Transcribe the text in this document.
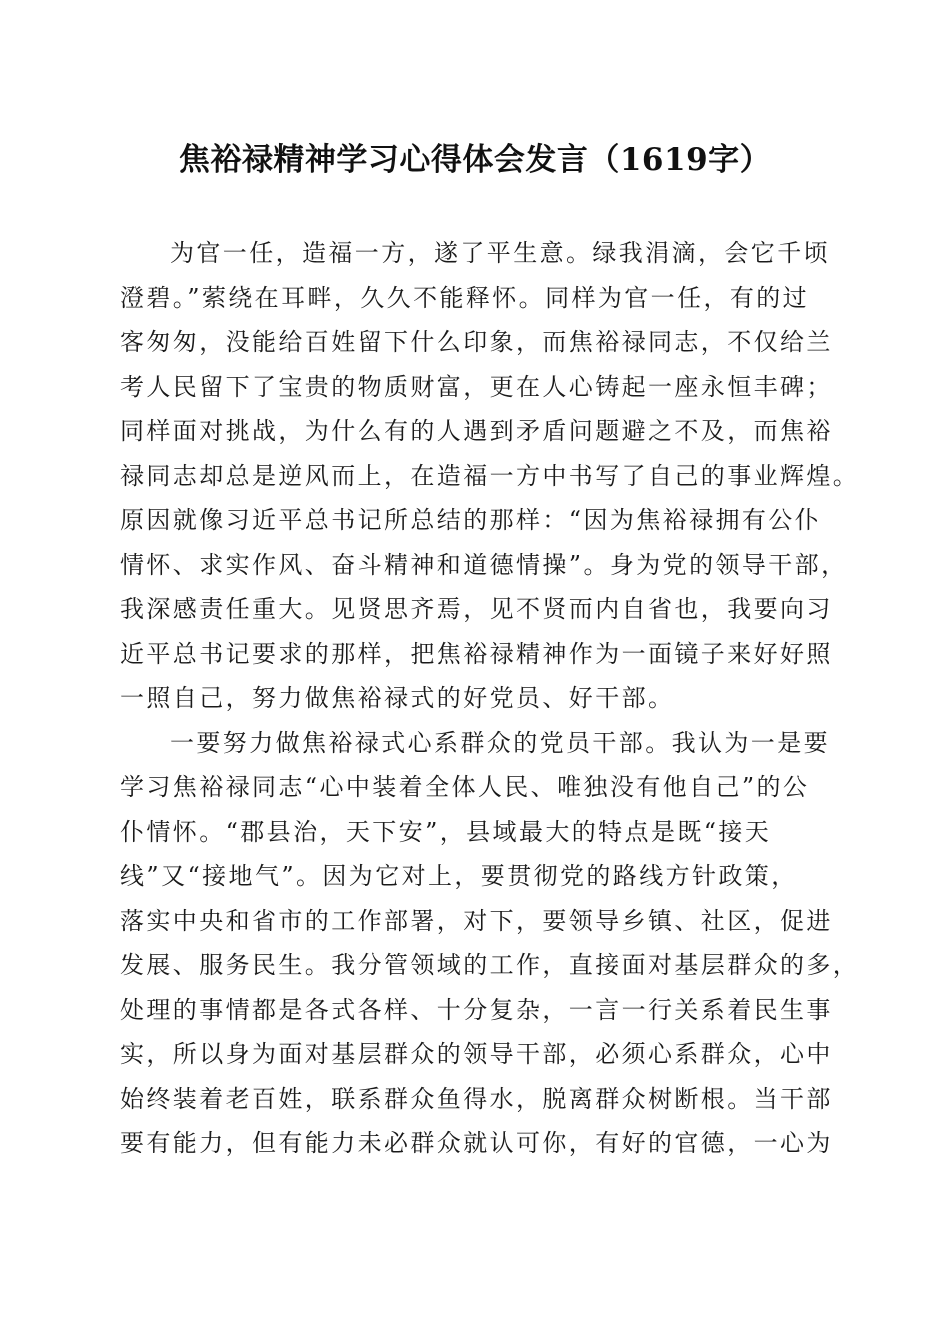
焦裕禄精神学习心得体会发言（1619字）
为官一任，造福一方，遂了平生意。绿我涓滴，会它千顷
澄碧。”萦绕在耳畔，久久不能释怀。同样为官一任，有的过
客匆匆，没能给百姓留下什么印象，而焦裕禄同志，不仅给兰
考人民留下了宝贵的物质财富，更在人心铸起一座永恒丰碑；
同样面对挑战，为什么有的人遇到矛盾问题避之不及，而焦裕
禄同志却总是逆风而上，在造福一方中书写了自己的事业辉煌。
原因就像习近平总书记所总结的那样：“因为焦裕禄拥有公仆
情怀、求实作风、奋斗精神和道德情操”。身为党的领导干部，
我深感责任重大。见贤思齐焉，见不贤而内自省也，我要向习
近平总书记要求的那样，把焦裕禄精神作为一面镜子来好好照
一照自己，努力做焦裕禄式的好党员、好干部。
一要努力做焦裕禄式心系群众的党员干部。我认为一是要
学习焦裕禄同志“心中装着全体人民、唯独没有他自己”的公
仆情怀。“郡县治，天下安”，县域最大的特点是既“接天
线”又“接地气”。因为它对上，要贯彻党的路线方针政策，
落实中央和省市的工作部署，对下，要领导乡镇、社区，促进
发展、服务民生。我分管领域的工作，直接面对基层群众的多，
处理的事情都是各式各样、十分复杂，一言一行关系着民生事
实，所以身为面对基层群众的领导干部，必须心系群众，心中
始终装着老百姓，联系群众鱼得水，脱离群众树断根。当干部
要有能力，但有能力未必群众就认可你，有好的官德，一心为
